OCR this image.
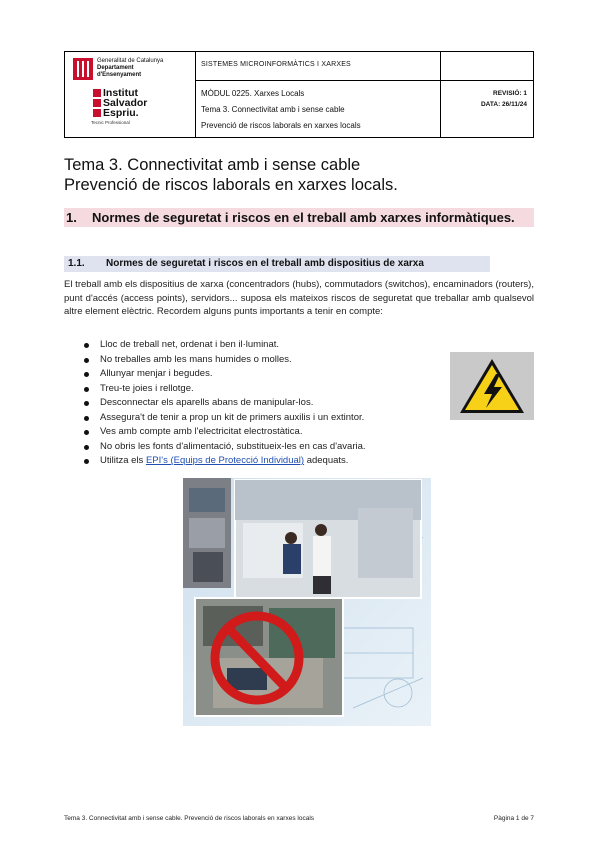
Generalitat de Catalunya
Departament
d'Ensenyament
Institut
Salvador
Espriu.
Tecnic Professional
SISTEMES MICROINFORMÀTICS I XARXES
MÒDUL 0225. Xarxes Locals
Tema 3. Connectivitat amb i sense cable
Prevenció de riscos laborals en xarxes locals
REVISIÓ: 1
DATA: 26/11/24
Tema 3. Connectivitat amb i sense cable
Prevenció de riscos laborals en xarxes locals.
1. Normes de seguretat i riscos en el treball amb xarxes informàtiques.
1.1. Normes de seguretat i riscos en el treball amb dispositius de xarxa
El treball amb els dispositius de xarxa (concentradors (hubs), commutadors (switchos), encaminadors (routers), punt d'accés (access points), servidors... suposa els mateixos riscos de seguretat que treballar amb qualsevol altre element elèctric. Recordem alguns punts importants a tenir en compte:
Lloc de treball net, ordenat i ben il·luminat.
No treballes amb les mans humides o molles.
Allunyar menjar i begudes.
Treu-te joies i rellotge.
Desconnectar els aparells abans de manipular-los.
Assegura't de tenir a prop un kit de primers auxilis i un extintor.
Ves amb compte amb l'electricitat electrostàtica.
No obris les fonts d'alimentació, substitueix-les en cas d'avaria.
Utilitza els EPI's (Equips de Protecció Individual) adequats.
Tema 3. Connectivitat amb i sense cable. Prevenció de riscos laborals en xarxes locals	Pàgina 1 de 7
